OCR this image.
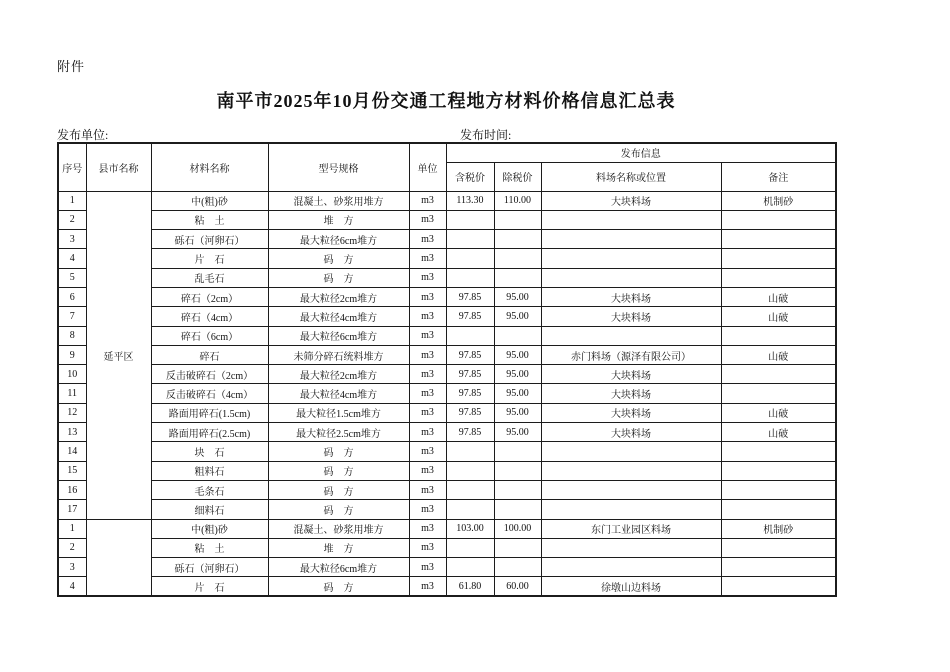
附件
南平市2025年10月份交通工程地方材料价格信息汇总表
发布单位:	发布时间:
序号	县市名称	材料名称	型号规格	单位	发布信息			
					含税价	除税价	料场名称或位置	备注
1	延平区	中(粗)砂	混凝土、砂浆用堆方	m3	113.30	110.00	大块料场	机制砂
2		粘　土	堆　方	m3				
3		砾石（河卵石）	最大粒径6cm堆方	m3				
4		片　石	码　方	m3				
5		乱毛石	码　方	m3				
6		碎石（2cm）	最大粒径2cm堆方	m3	97.85	95.00	大块料场	山破
7		碎石（4cm）	最大粒径4cm堆方	m3	97.85	95.00	大块料场	山破
8		碎石（6cm）	最大粒径6cm堆方	m3				
9		碎石	未筛分碎石统料堆方	m3	97.85	95.00	赤门料场（源泽有限公司）	山破
10		反击破碎石（2cm）	最大粒径2cm堆方	m3	97.85	95.00	大块料场	
11		反击破碎石（4cm）	最大粒径4cm堆方	m3	97.85	95.00	大块料场	
12		路面用碎石(1.5cm)	最大粒径1.5cm堆方	m3	97.85	95.00	大块料场	山破
13		路面用碎石(2.5cm)	最大粒径2.5cm堆方	m3	97.85	95.00	大块料场	山破
14		块　石	码　方	m3				
15		粗料石	码　方	m3				
16		毛条石	码　方	m3				
17		细料石	码　方	m3				
1		中(粗)砂	混凝土、砂浆用堆方	m3	103.00	100.00	东门工业园区料场	机制砂
2		粘　土	堆　方	m3				
3		砾石（河卵石）	最大粒径6cm堆方	m3				
4		片　石	码　方	m3	61.80	60.00	徐墩山边料场	
